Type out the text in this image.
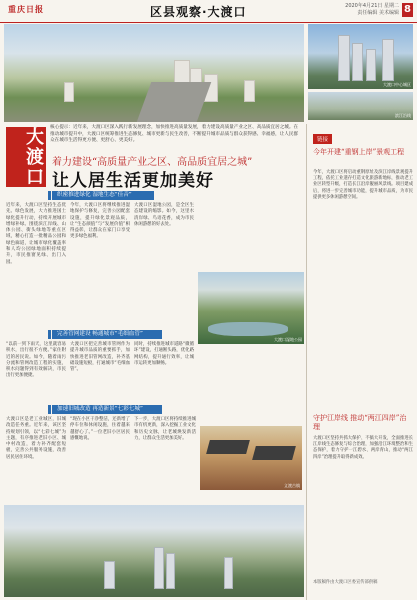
重庆日报	区县观察·大渡口	2020年4月21日 星期二
责任编辑 美术编辑 8
大渡口中心城区
滨江沿线

核心提示：近年来，大渡口区深入践行新发展理念，加快推进高质量发展，着力建设高质量产业之区、高品质宜居之城。在推动城市提升中，大渡口区统筹推进生态修复、城市更新与民生改善，不断提升城市品质与群众获得感、幸福感，让人民群众在城市生活得更方便、更舒心、更美好。

大渡口 着力建设“高质量产业之区、高品质宜居之城”
让人居生活更加美好
织密推进绿化 湿地生态“佳音”

近年来，大渡口区坚持生态优先、绿色发展，大力推进国土绿化提升行动，持续开展城市增绿补绿。围绕滨江岸线、山体公园、街头绿地等重点区域，精心打造一批精品公园和绿色廊道，让城市绿化覆盖率和人均公园绿地面积持续提升，市民推窗见绿、出门入园。

今年，大渡口区将继续推进湿地保护与修复，完善公园配套设施，提升绿化景观品质，让“生态颜值”与“发展价值”相得益彰，让群众在家门口享受更多绿色福利。

大渡口区湿地公园，是全区生态建设的缩影。如今，这里水清岸绿、鸟语花香，成为市民休闲游憩的好去处。

大渡口湿地公园
完善管网建设 畅通城市“毛细血管”

“以前一到下雨天，这里就容易积水，出行很不方便。”家住附近的居民说。如今，随着雨污分流和管网改造工程的实施，积水问题得到有效解决，市民出行更加便捷。

大渡口区把完善城市管网作为提升城市品质的重要抓手，加快推进老旧管网改造，补齐基础设施短板，打通城市“毛细血管”。

同时，持续推进城市道路“微循环”建设，打通断头路，优化路网结构，提升通行效率，让城市运转更加顺畅。

加速旧城改造 再造新景“七彩七城”

大渡口区是老工业城区，旧城改造任务重。近年来，该区坚持规划引领，以“七彩七城”为主题，有序推进老旧小区、城中村改造，着力补齐配套短板，完善公共服务设施，改善居民居住环境。

“现在小区干净整洁，还新增了停车位和休闲设施，住着越来越舒心了。”一位老旧小区居民感慨地说。

下一步，大渡口区将持续推进城市有机更新，深入挖掘工业文化和历史文脉，让老城焕发新活力，让群众生活更加美好。

义渡古镇
链接
今年开建“重钢上岸”景观工程

今年，大渡口区将启动重钢原址及滨江岸线景观提升工程，依托工业遗存打造文化旅游新地标，推动老工业区转型升级，打造长江沿岸靓丽风景线。项目建成后，将进一步完善城市功能，提升城市品质，为市民提供更多休闲游憩空间。

守护江岸线 推动“两江四岸”治理

大渡口区坚持共抓大保护、不搞大开发，全面推进长江岸线生态修复与综合治理，加强沿江环境整治和生态保护，着力守护一江碧水、两岸青山，推动“两江四岸”治理提升取得新成效。

本版稿件由大渡口区委宣传部供稿
